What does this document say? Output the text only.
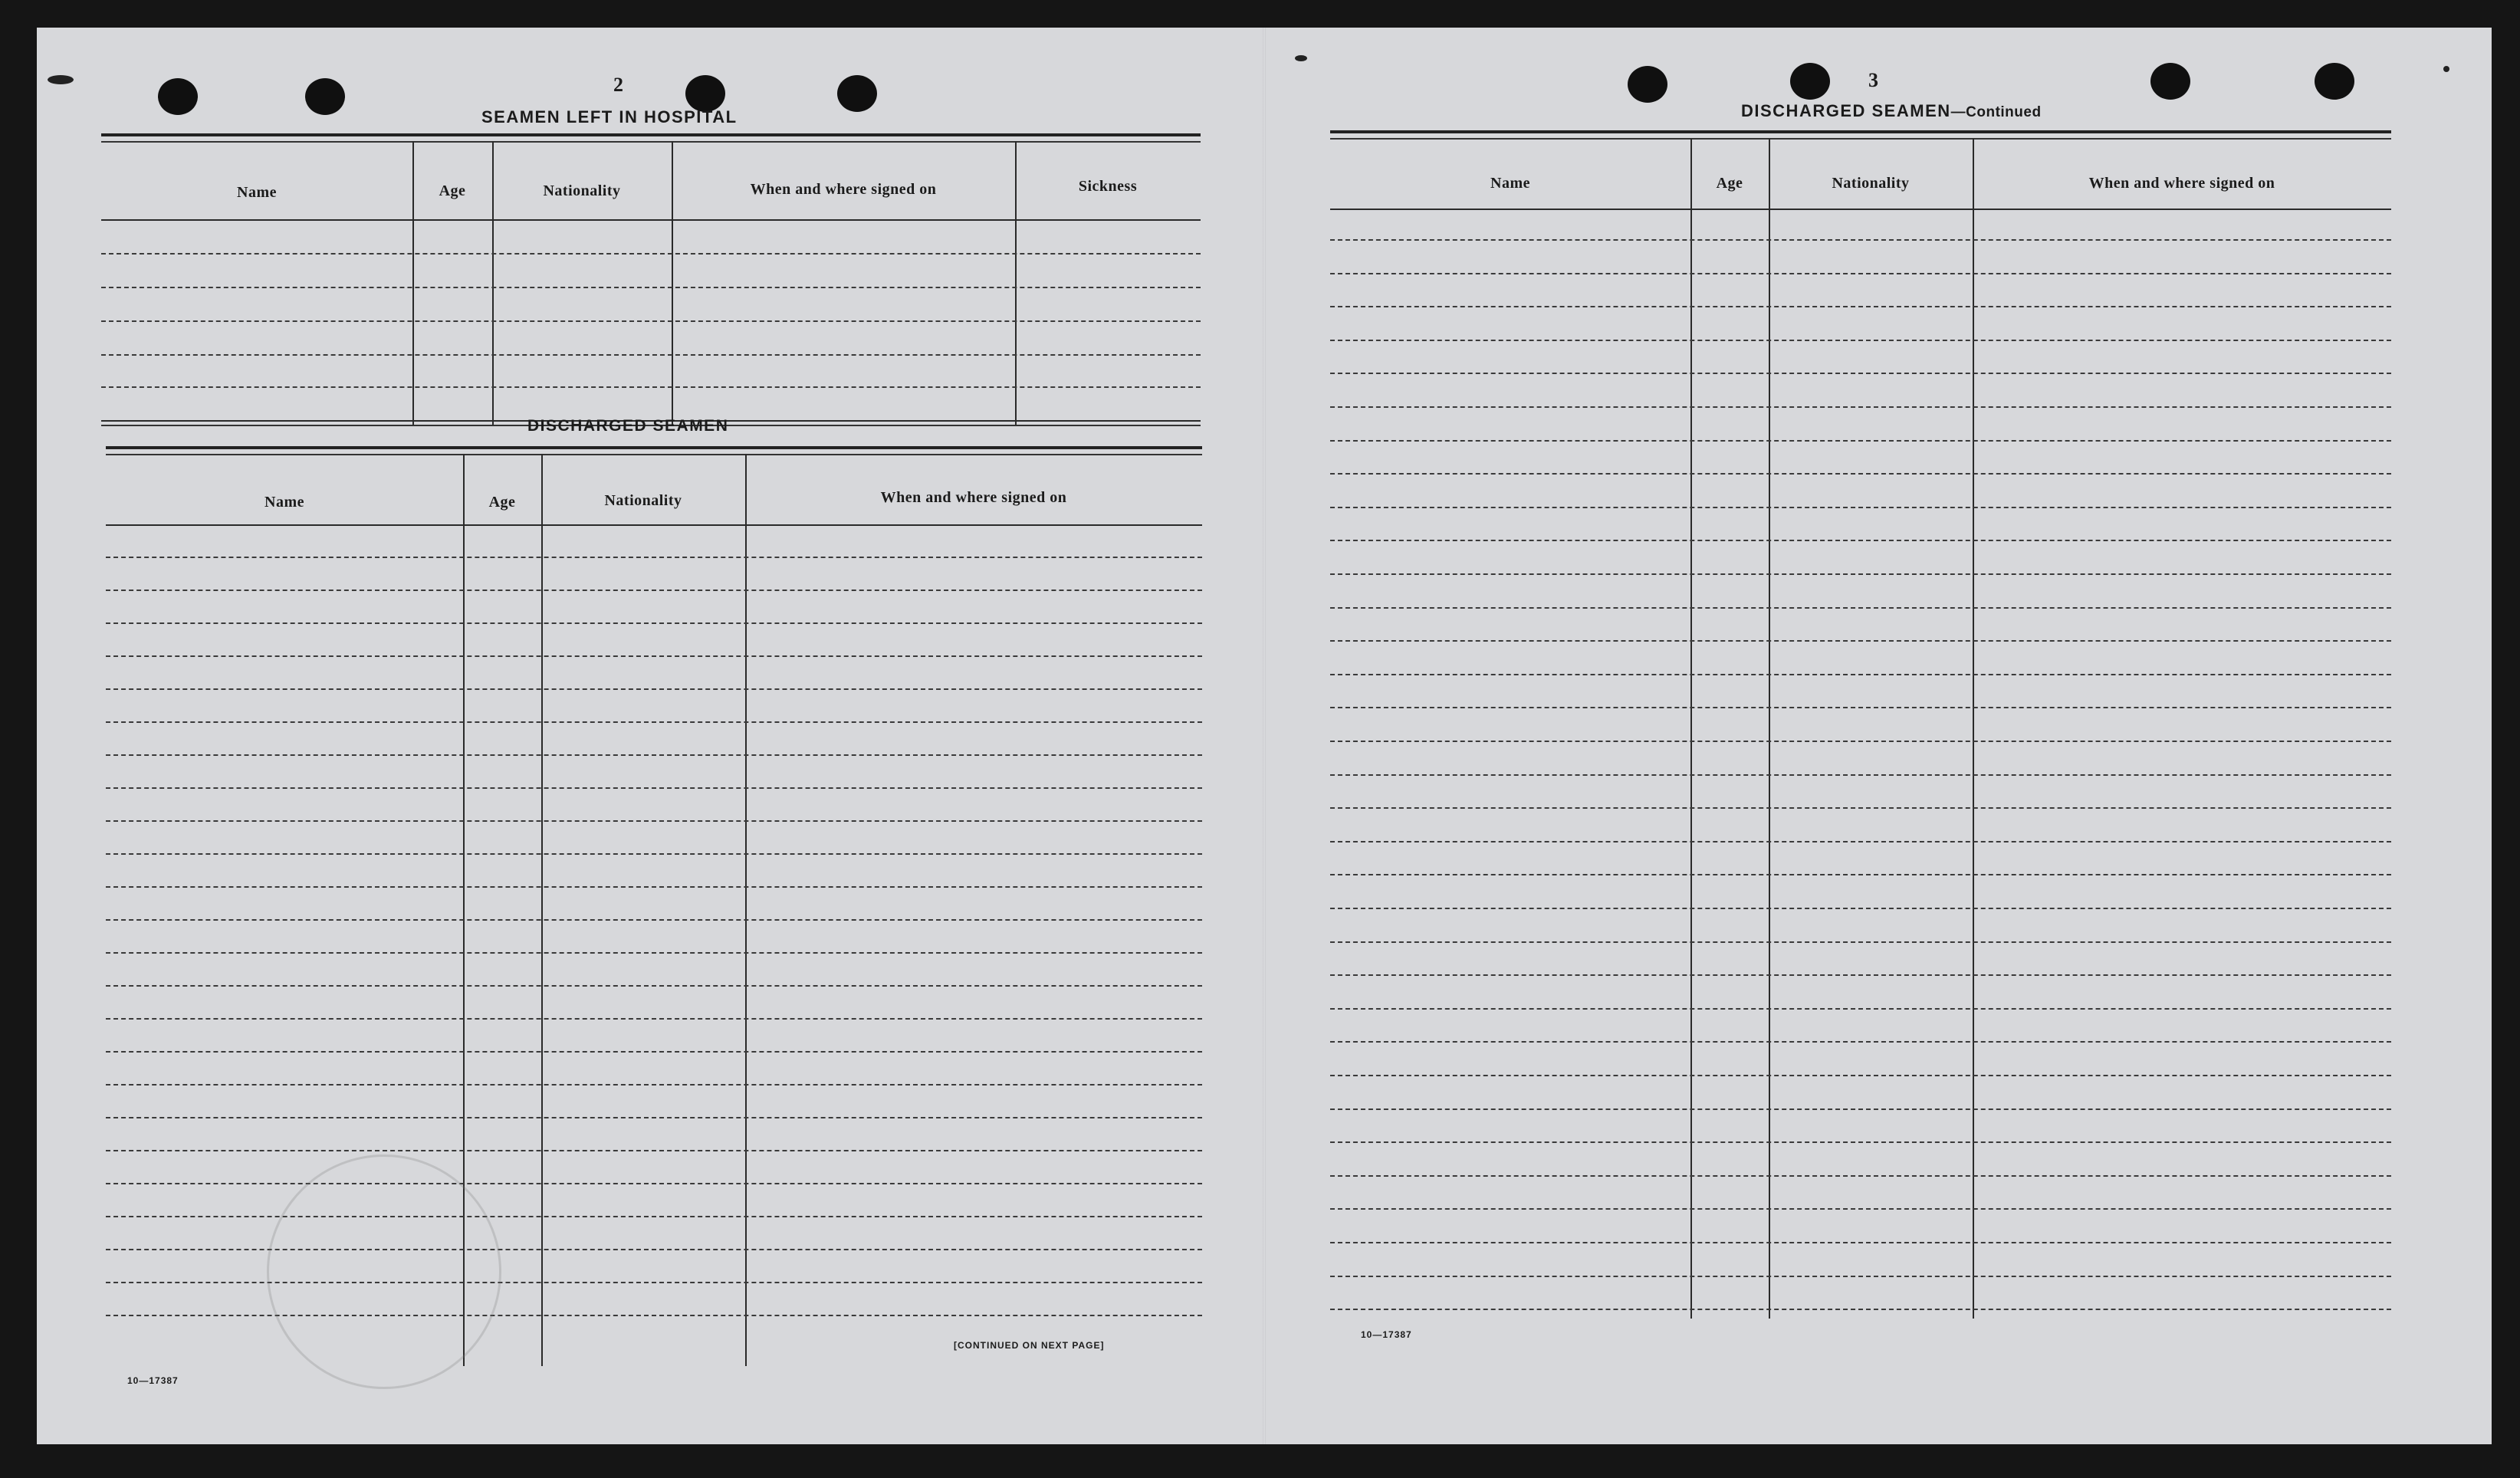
2
SEAMEN LEFT IN HOSPITAL
Name	Age	Nationality	When and where signed on	Sickness
DISCHARGED SEAMEN
Name	Age	Nationality	When and where signed on
10—17387
[CONTINUED ON NEXT PAGE]
3
DISCHARGED SEAMEN—Continued
Name	Age	Nationality	When and where signed on
10—17387
